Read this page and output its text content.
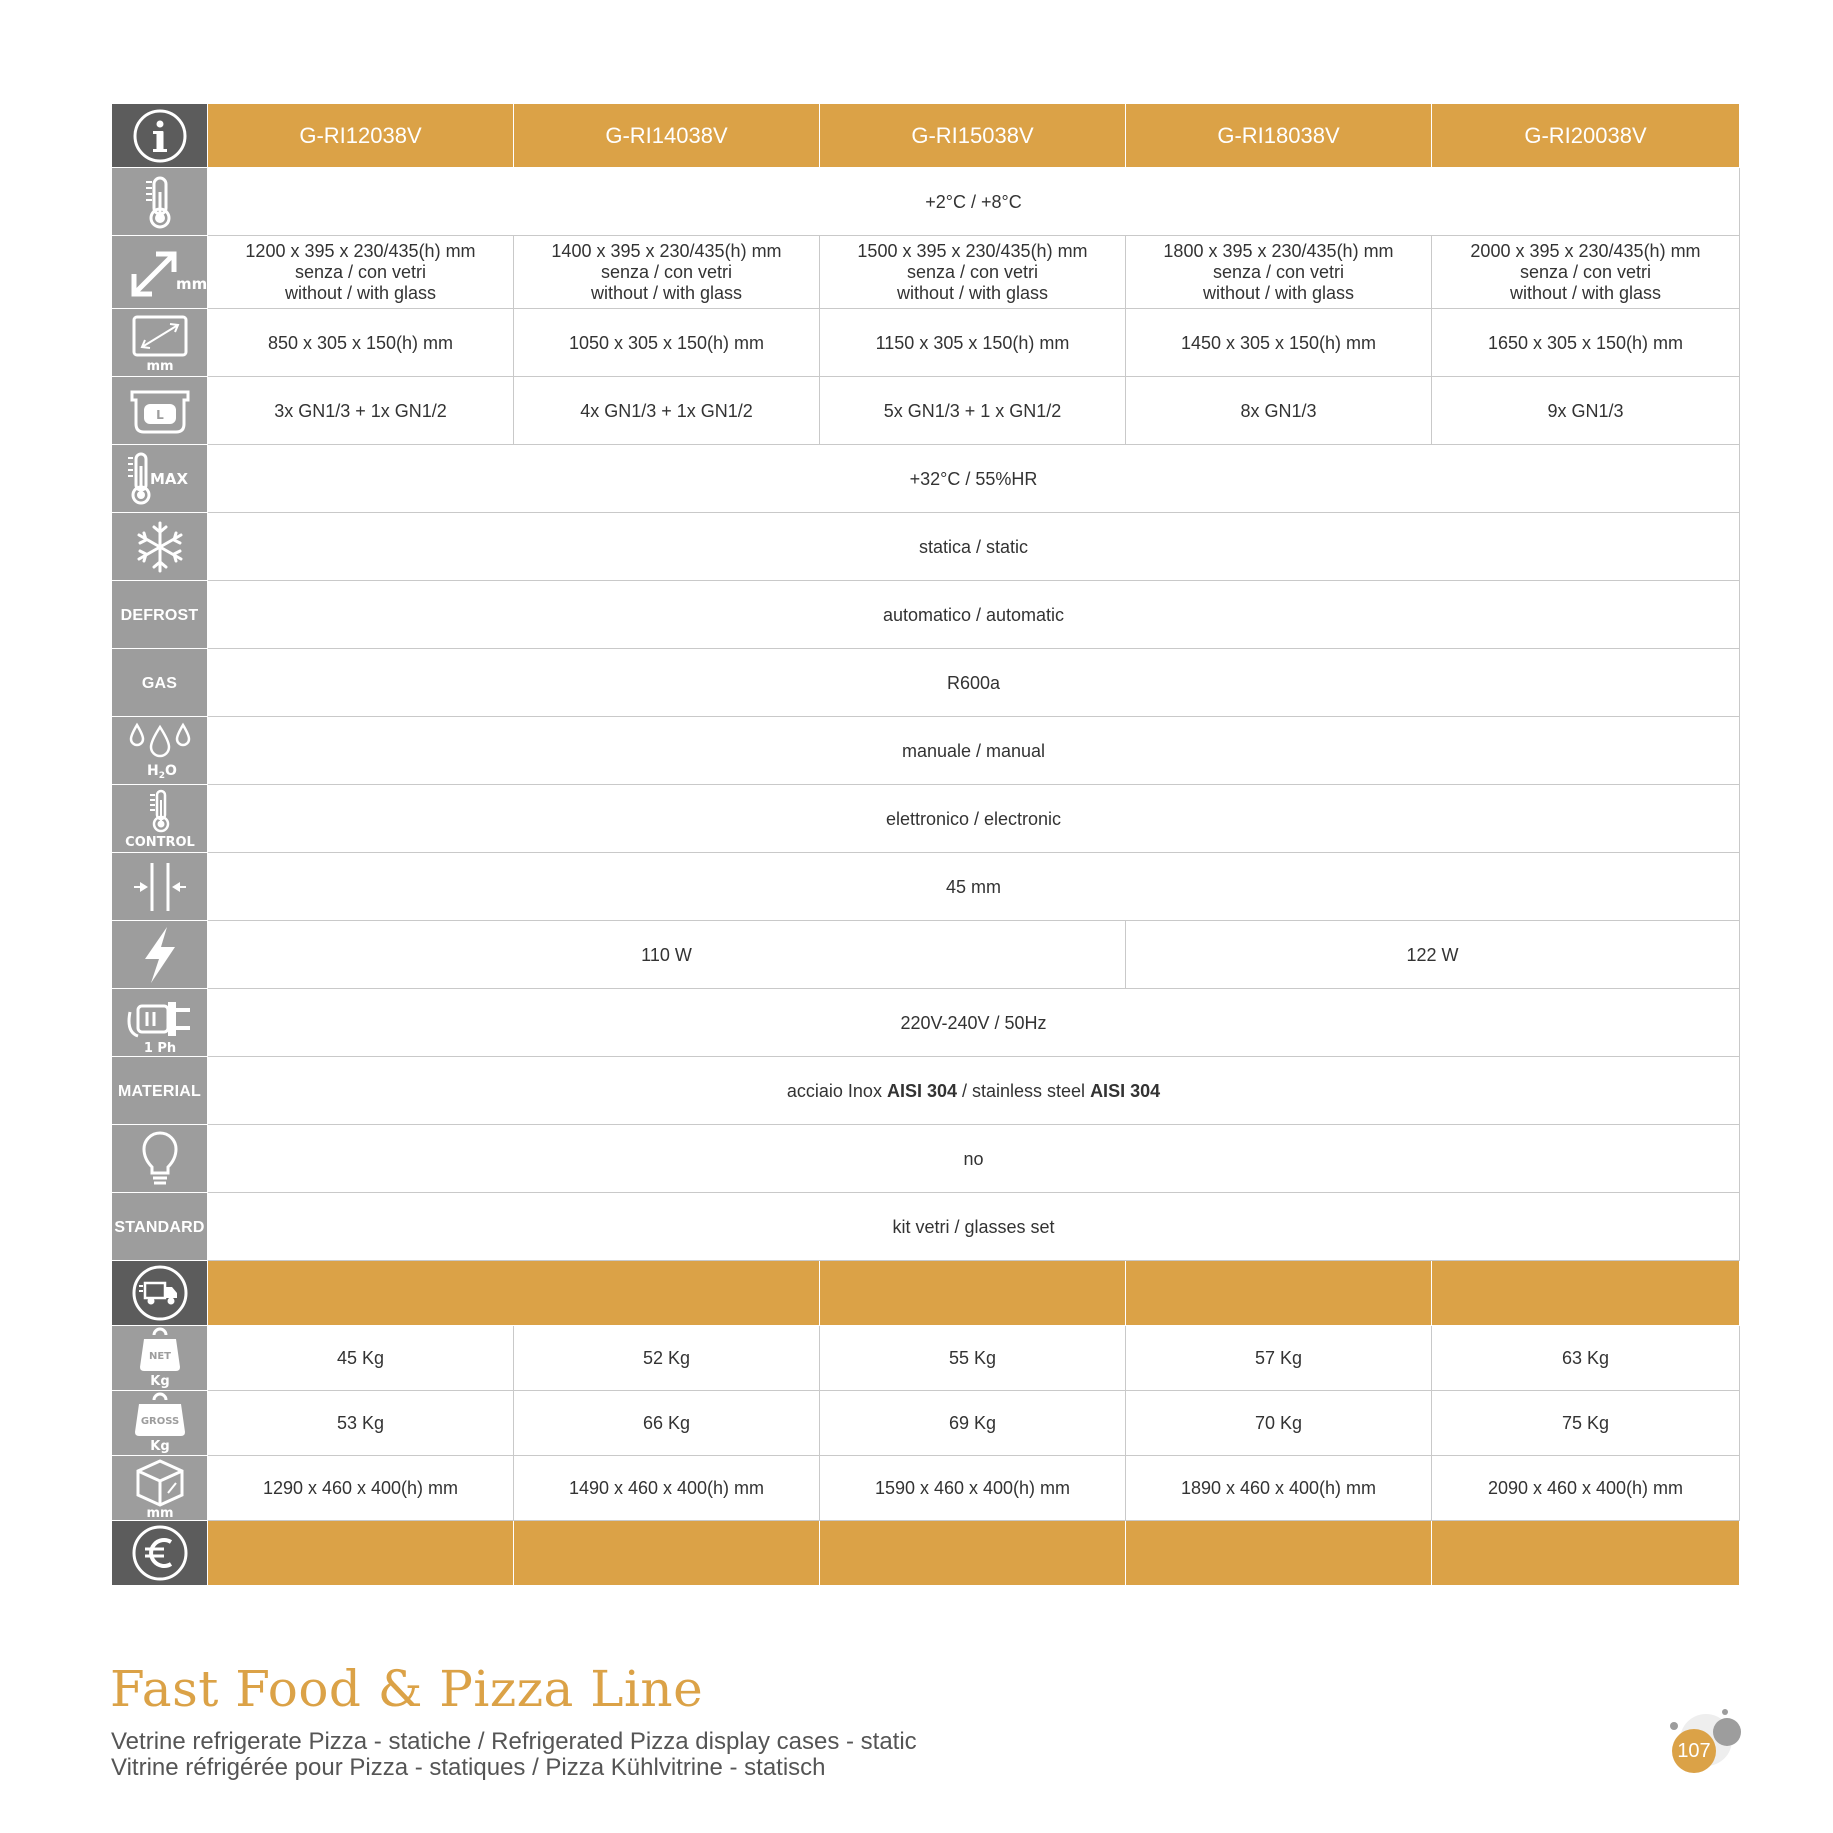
	G-RI12038V	G-RI14038V	G-RI15038V	G-RI18038V	G-RI20038V

	+2°C / +8°C				

mm	1200 x 395 x 230/435(h) mm
senza / con vetri
without / with glass	1400 x 395 x 230/435(h) mm
senza / con vetri
without / with glass	1500 x 395 x 230/435(h) mm
senza / con vetri
without / with glass	1800 x 395 x 230/435(h) mm
senza / con vetri
without / with glass	2000 x 395 x 230/435(h) mm
senza / con vetri
without / with glass

mm	850 x 305 x 150(h) mm	1050 x 305 x 150(h) mm	1150 x 305 x 150(h) mm	1450 x 305 x 150(h) mm	1650 x 305 x 150(h) mm

L	3x GN1/3 + 1x GN1/2	4x GN1/3 + 1x GN1/2	5x GN1/3 + 1 x GN1/2	8x GN1/3	9x GN1/3

MAX	+32°C / 55%HR				

	statica / static				
DEFROST	automatico / automatic				
GAS	R600a				

$H_2O$	manuale / manual				

CONTROL	elettronico / electronic				

	45 mm				

	110 W			122 W	

1 Ph	220V-240V / 50Hz				
MATERIAL	acciaio Inox AISI 304 / stainless steel AISI 304				

	no				
STANDARD	kit vetri / glasses set				

NET
Kg	45 Kg	52 Kg	55 Kg	57 Kg	63 Kg

GROSS
Kg	53 Kg	66 Kg	69 Kg	70 Kg	75 Kg

mm	1290 x 460 x 400(h) mm	1490 x 460 x 400(h) mm	1590 x 460 x 400(h) mm	1890 x 460 x 400(h) mm	2090 x 460 x 400(h) mm

Fast Food & Pizza Line

Vetrine refrigerate Pizza - statiche / Refrigerated Pizza display cases - static

Vitrine réfrigérée pour Pizza - statiques / Pizza Kühlvitrine - statisch

107
